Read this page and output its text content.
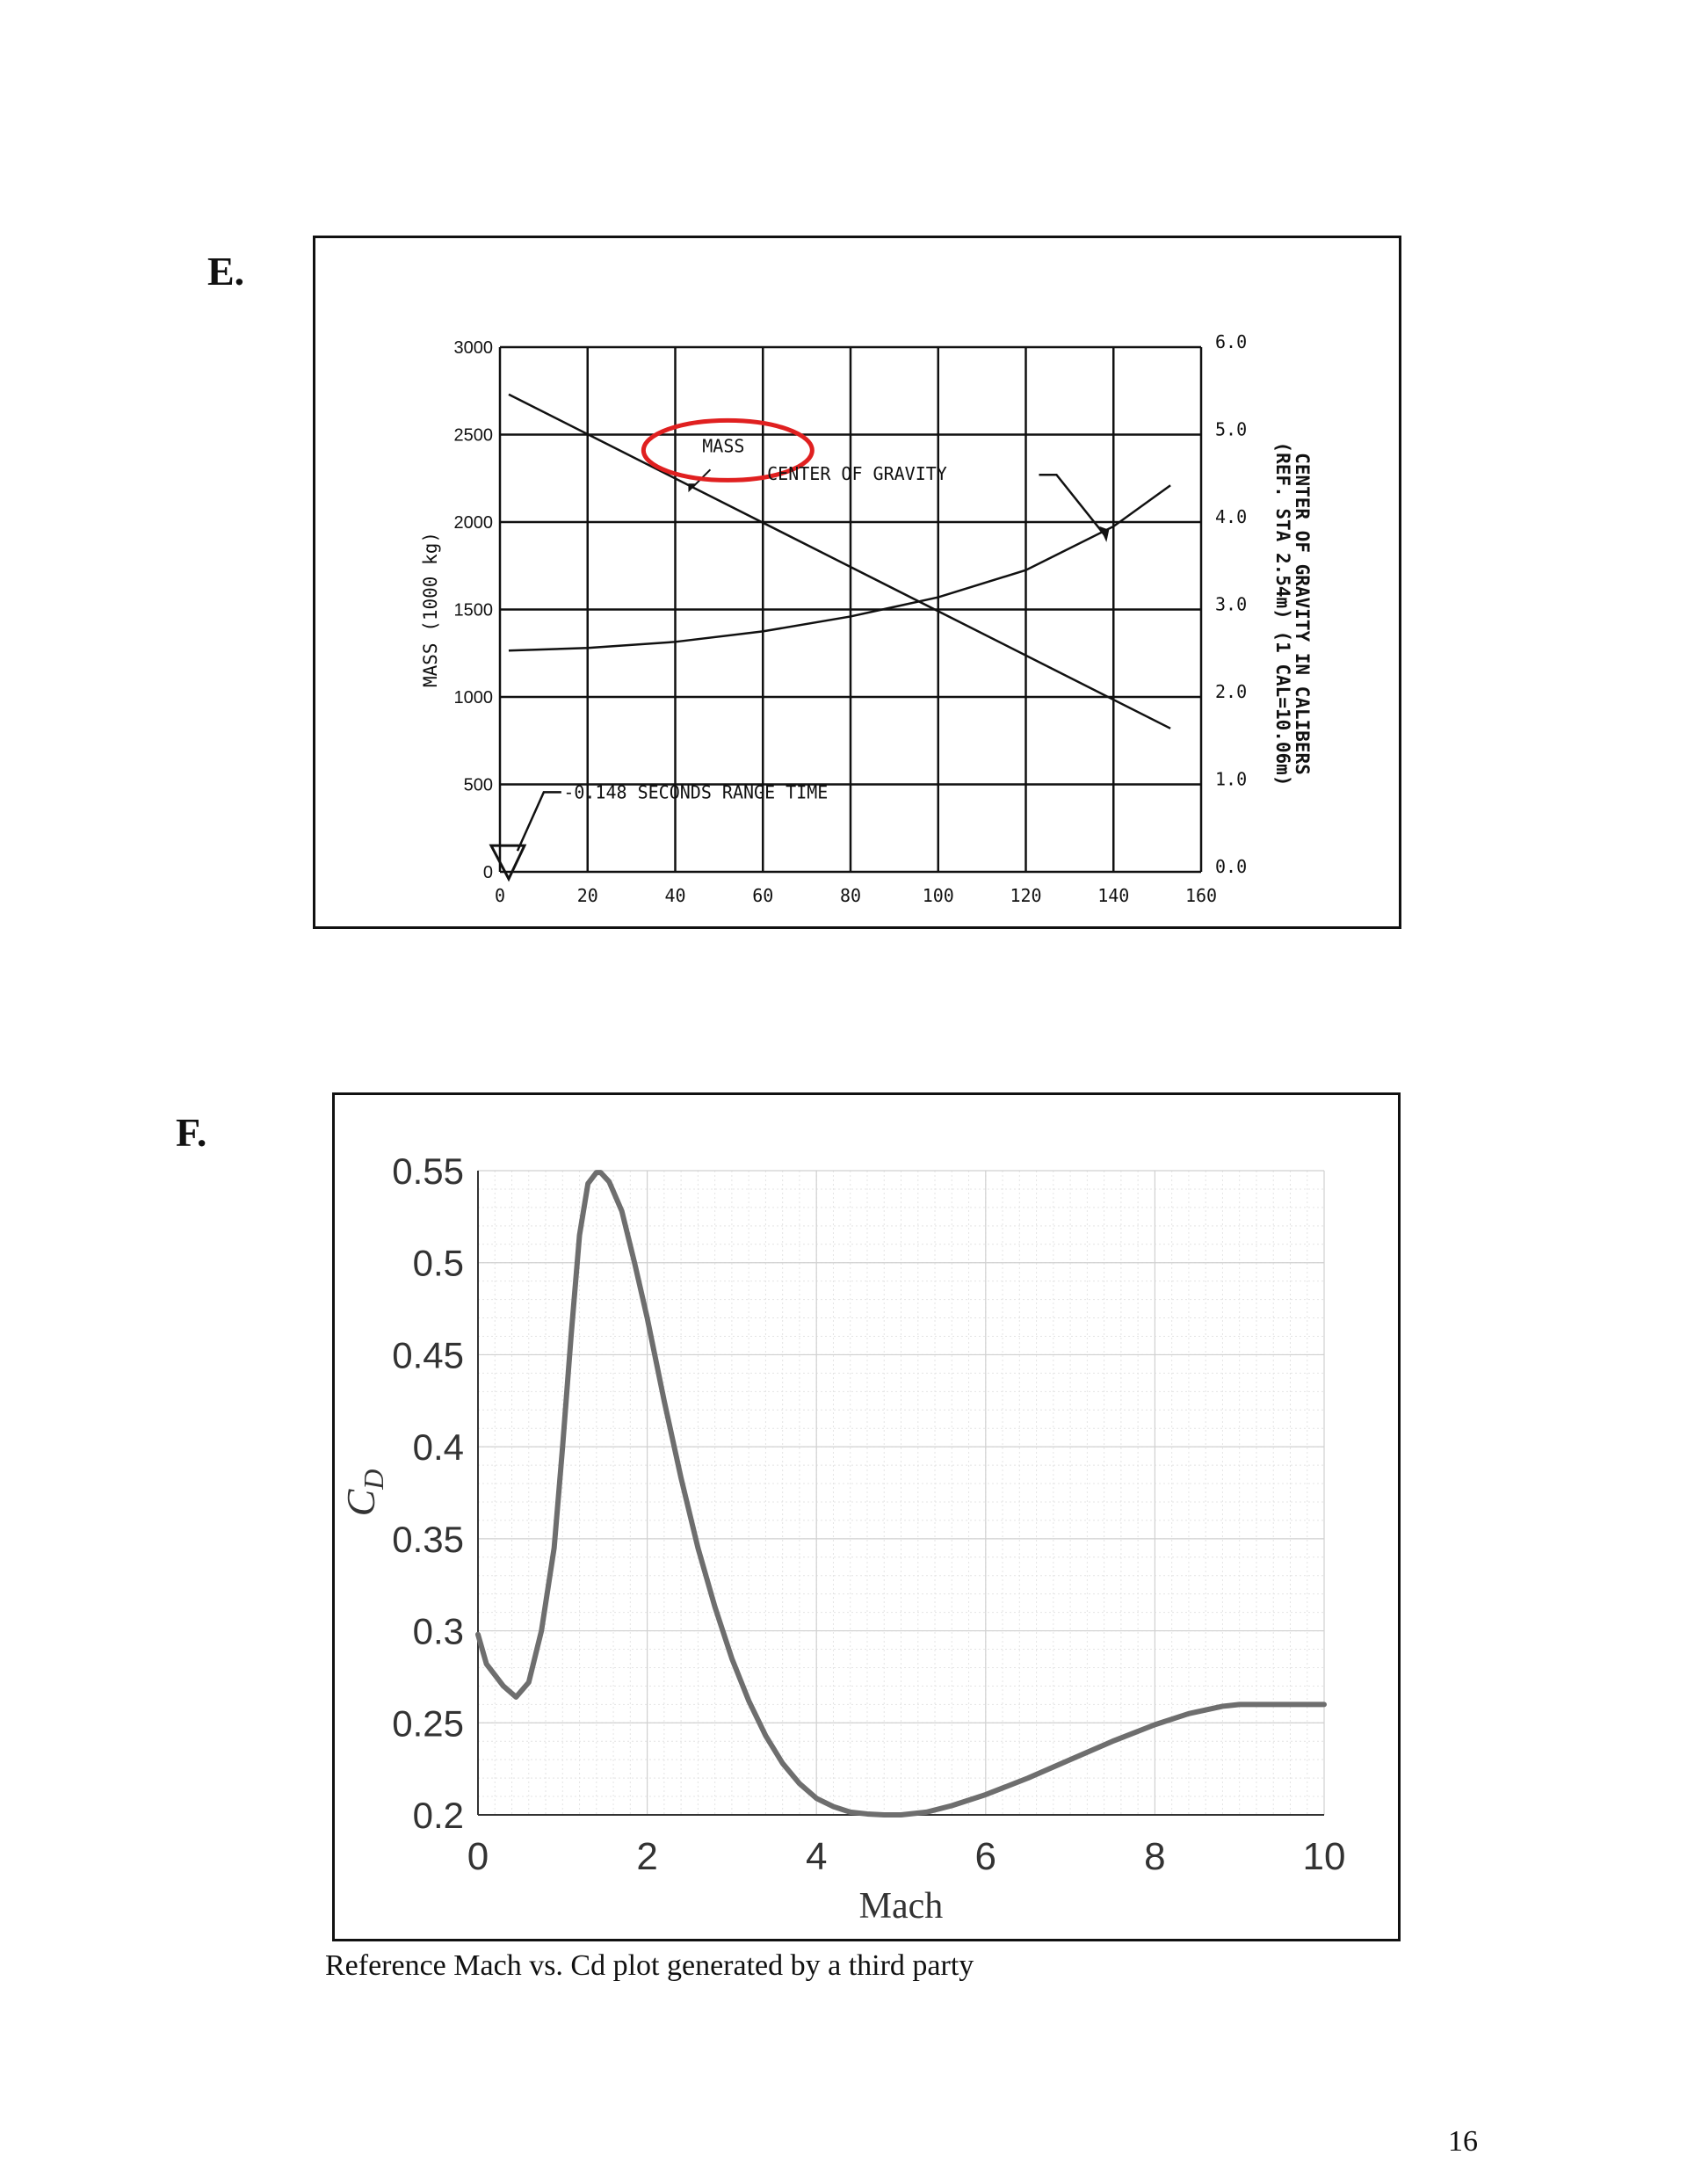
E.
0	20	40	60	80	100	120	140	160
0
500
1000
1500
2000
2500
3000
0.0
1.0
2.0
3.0
4.0
5.0
6.0
MASS (1000 kg)	CENTER OF GRAVITY IN CALIBERS
(REF. STA 2.54m) (1 CAL=10.06m)
MASS
CENTER OF GRAVITY
-0.148 SECONDS RANGE TIME
F.
0	2	4	6	8	10
0.2
0.25
0.3
0.35
0.4
0.45
0.5
0.55
Mach
$C_D$
Reference Mach vs. Cd plot generated by a third party
16
